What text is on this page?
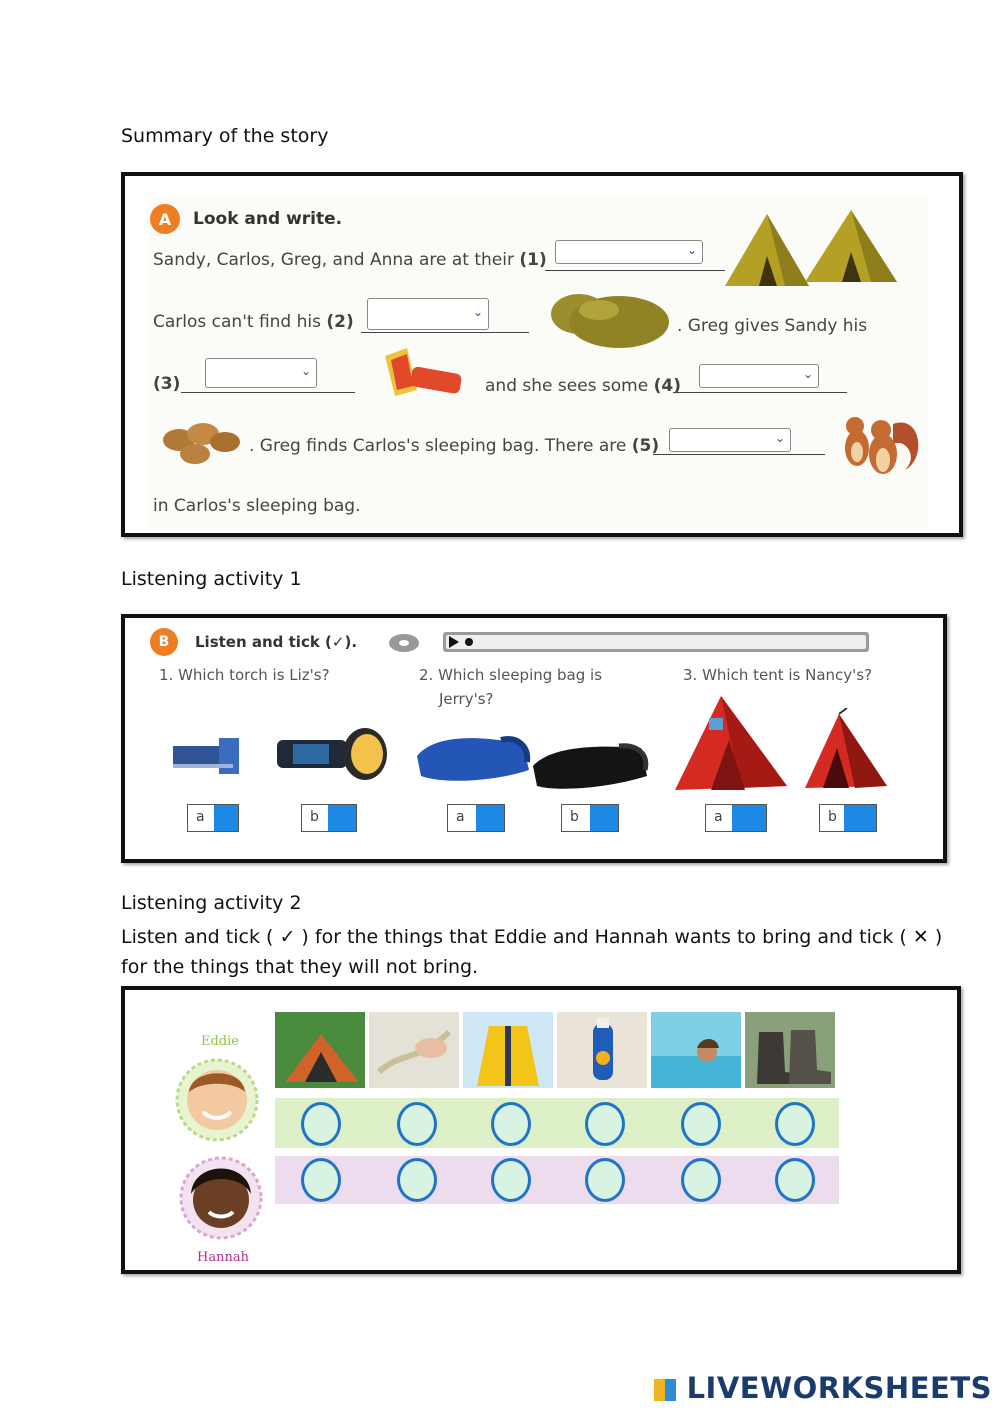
Summary of the story
A	Look and write.
Sandy, Carlos, Greg, and Anna are at their (1)	⌄
Carlos can't find his (2)	⌄
. Greg gives Sandy his
(3)
⌄
and she sees some (4)
⌄
. Greg finds Carlos's sleeping bag. There are (5)	⌄
in Carlos's sleeping bag.
Listening activity 1
B	Listen and tick (✓).
1. Which torch is Liz's?	2. Which sleeping bag is
Jerry's?
3. Which tent is Nancy's?
a	b	a	b	a	b
Listening activity 2
Listen and tick ( ✓ ) for the things that Eddie and Hannah wants to bring and tick ( ✕ )
for the things that they will not bring.
Eddie
Hannah
LIVEWORKSHEETS
